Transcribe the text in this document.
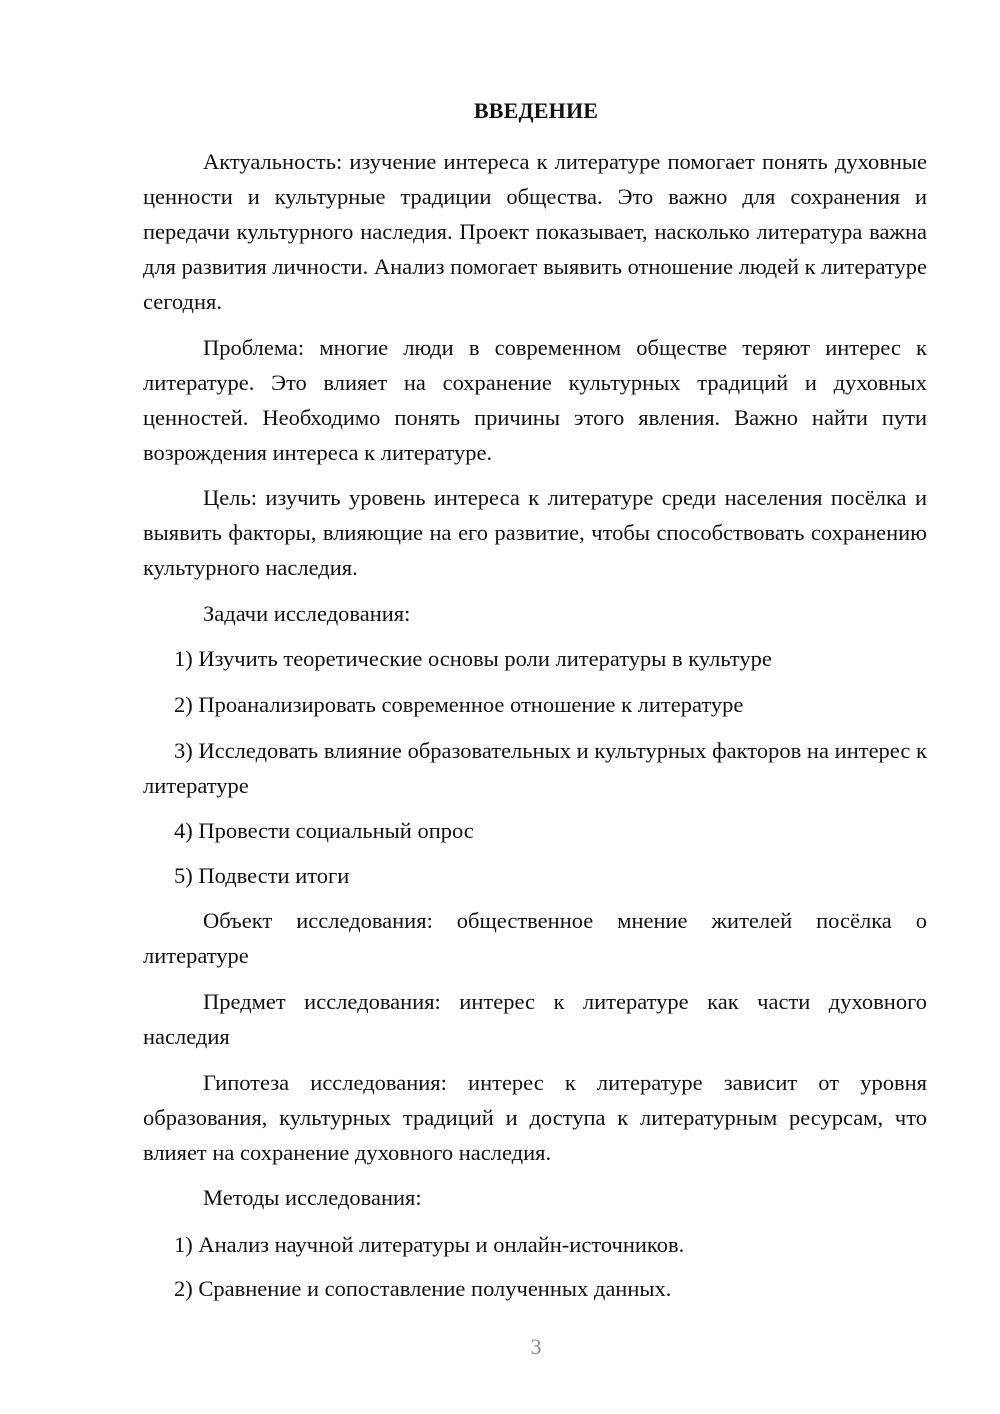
ВВЕДЕНИЕ

Актуальность: изучение интереса к литературе помогает понять духовные ценности и культурные традиции общества. Это важно для сохранения и передачи культурного наследия. Проект показывает, насколько литература важна для развития личности. Анализ помогает выявить отношение людей к литературе сегодня.

Проблема: многие люди в современном обществе теряют интерес к литературе. Это влияет на сохранение культурных традиций и духовных ценностей. Необходимо понять причины этого явления. Важно найти пути возрождения интереса к литературе.

Цель: изучить уровень интереса к литературе среди населения посёлка и выявить факторы, влияющие на его развитие, чтобы способствовать сохранению культурного наследия.

Задачи исследования:

1) Изучить теоретические основы роли литературы в культуре

2) Проанализировать современное отношение к литературе

3) Исследовать влияние образовательных и культурных факторов на интерес к литературе

4) Провести социальный опрос

5) Подвести итоги

Объект исследования: общественное мнение жителей посёлка о литературе

Предмет исследования: интерес к литературе как части духовного наследия

Гипотеза исследования: интерес к литературе зависит от уровня образования, культурных традиций и доступа к литературным ресурсам, что влияет на сохранение духовного наследия.

Методы исследования:

1) Анализ научной литературы и онлайн-источников.

2) Сравнение и сопоставление полученных данных.

3
